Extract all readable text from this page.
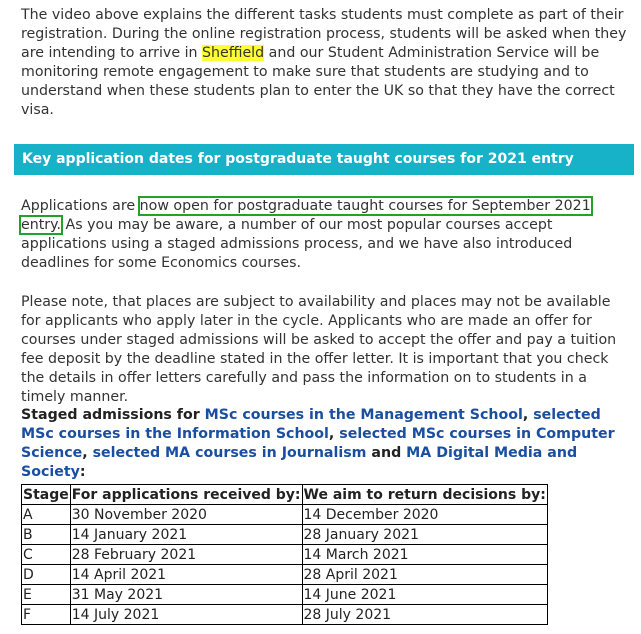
The video above explains the different tasks students must complete as part of their registration. During the online registration process, students will be asked when they are intending to arrive in Sheffield and our Student Administration Service will be monitoring remote engagement to make sure that students are studying and to understand when these students plan to enter the UK so that they have the correct visa.

Key application dates for postgraduate taught courses for 2021 entry

Applications are now open for postgraduate taught courses for September 2021 entry. As you may be aware, a number of our most popular courses accept applications using a staged admissions process, and we have also introduced deadlines for some Economics courses.

Please note, that places are subject to availability and places may not be available for applicants who apply later in the cycle. Applicants who are made an offer for courses under staged admissions will be asked to accept the offer and pay a tuition fee deposit by the deadline stated in the offer letter. It is important that you check the details in offer letters carefully and pass the information on to students in a timely manner.

Staged admissions for MSc courses in the Management School, selected MSc courses in the Information School, selected MSc courses in Computer Science, selected MA courses in Journalism and MA Digital Media and Society:

Stage	For applications received by:	We aim to return decisions by:
A	30 November 2020	14 December 2020
B	14 January 2021	28 January 2021
C	28 February 2021	14 March 2021
D	14 April 2021	28 April 2021
E	31 May 2021	14 June 2021
F	14 July 2021	28 July 2021
